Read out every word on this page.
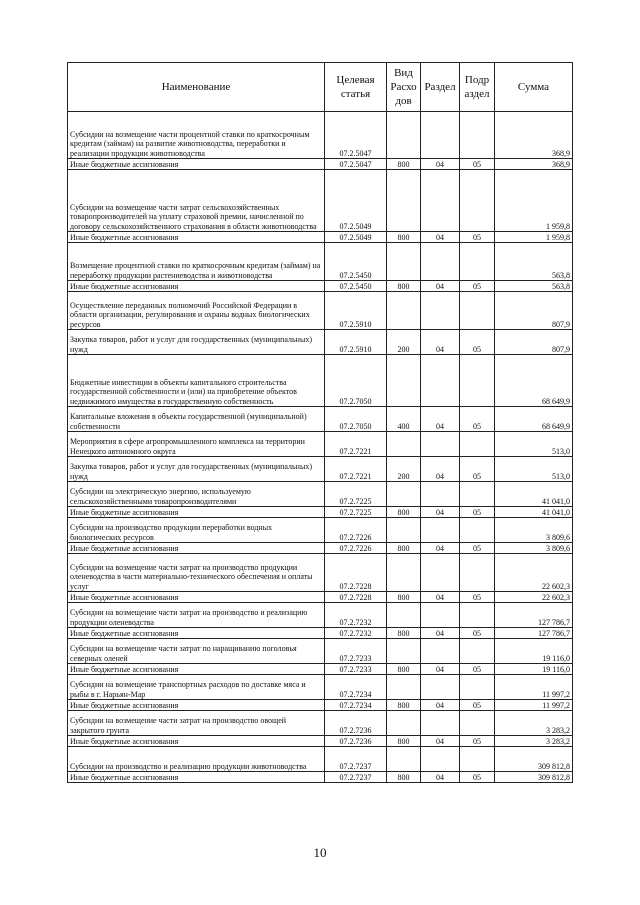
Наименование	Целевая статья	Вид Расхо дов	Раздел	Подр аздел	Сумма
Субсидии на возмещение части процентной ставки по краткосрочным кредитам (займам) на развитие животноводства, переработки и реализации продукции животноводства	07.2.5047				368,9
Иные бюджетные ассигнования	07.2.5047	800	04	05	368,9
Субсидии на возмещение части затрат сельскохозяйственных товаропроизводителей на уплату страховой премии, начисленной по договору сельскохозяйственного страхования в области животноводства	07.2.5049				1 959,8
Иные бюджетные ассигнования	07.2.5049	800	04	05	1 959,8
Возмещение процентной ставки по краткосрочным кредитам (займам) на переработку продукции растениеводства и животноводства	07.2.5450				563,8
Иные бюджетные ассигнования	07.2.5450	800	04	05	563,8
Осуществление переданных полномочий Российской Федерации в области организации, регулирования и охраны водных биологических ресурсов	07.2.5910				807,9
Закупка товаров, работ и услуг для государственных (муниципальных) нужд	07.2.5910	200	04	05	807,9
Бюджетные инвестиции в объекты капитального строительства государственной собственности и (или) на приобретение объектов недвижимого имущества в государственную собственность	07.2.7050				68 649,9
Капитальные вложения в объекты государственной (муниципальной) собственности	07.2.7050	400	04	05	68 649,9
Мероприятия в сфере агропромышленного комплекса на территории Ненецкого автономного округа	07.2.7221				513,0
Закупка товаров, работ и услуг для государственных (муниципальных) нужд	07.2.7221	200	04	05	513,0
Субсидии на электрическую энергию, используемую сельскохозяйственными товаропроизводителями	07.2.7225				41 041,0
Иные бюджетные ассигнования	07.2.7225	800	04	05	41 041,0
Субсидии на производство продукции переработки водных биологических ресурсов	07.2.7226				3 809,6
Иные бюджетные ассигнования	07.2.7226	800	04	05	3 809,6
Субсидии на возмещение части затрат на производство продукции оленеводства в части материально-технического обеспечения и оплаты услуг	07.2.7228				22 602,3
Иные бюджетные ассигнования	07.2.7228	800	04	05	22 602,3
Субсидии на возмещение части затрат на производство и реализацию продукции оленеводства	07.2.7232				127 786,7
Иные бюджетные ассигнования	07.2.7232	800	04	05	127 786,7
Субсидии на возмещение части затрат по наращиванию поголовья северных оленей	07.2.7233				19 116,0
Иные бюджетные ассигнования	07.2.7233	800	04	05	19 116,0
Субсидии на возмещение транспортных расходов по доставке мяса и рыбы в г. Нарьян-Мар	07.2.7234				11 997,2
Иные бюджетные ассигнования	07.2.7234	800	04	05	11 997,2
Субсидии на возмещение части затрат на производство овощей закрытого грунта	07.2.7236				3 283,2
Иные бюджетные ассигнования	07.2.7236	800	04	05	3 283,2
Субсидии на производство и реализацию продукции животноводства	07.2.7237				309 812,8
Иные бюджетные ассигнования	07.2.7237	800	04	05	309 812,8
10
